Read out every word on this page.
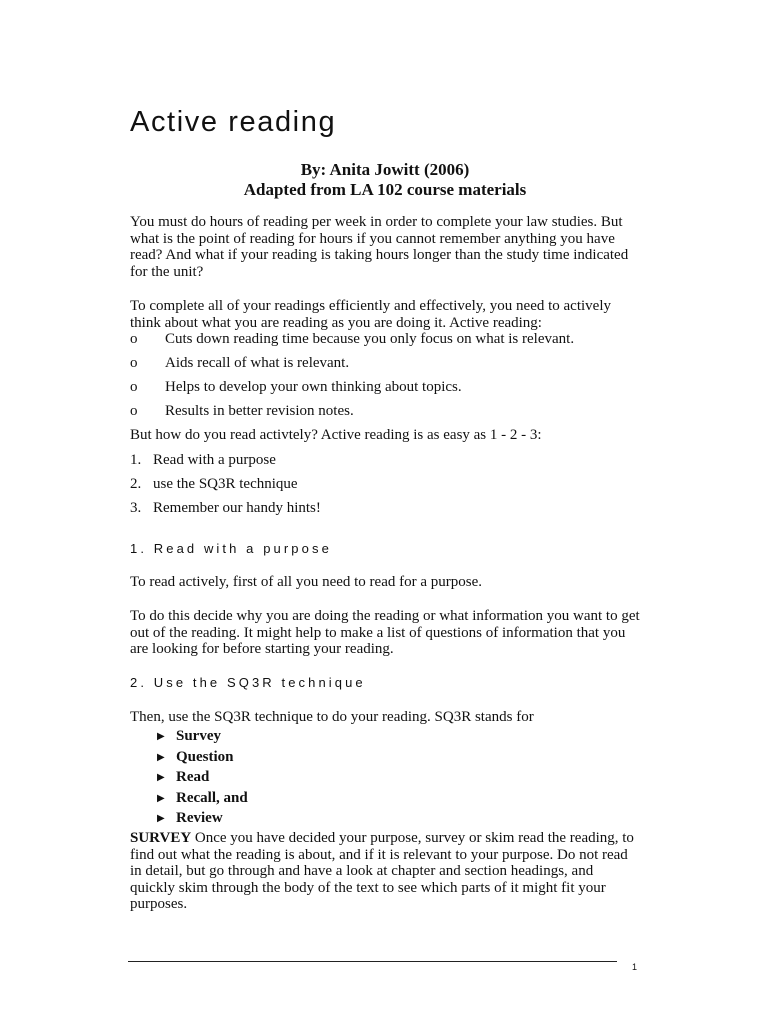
Active reading
By: Anita Jowitt (2006)
Adapted from LA 102 course materials

You must do hours of reading per week in order to complete your law studies. But what is the point of reading for hours if you cannot remember anything you have read? And what if your reading is taking hours longer than the study time indicated for the unit?

To complete all of your readings efficiently and effectively, you need to actively think about what you are reading as you are doing it. Active reading:

o Cuts down reading time because you only focus on what is relevant.
o Aids recall of what is relevant.
o Helps to develop your own thinking about topics.
o Results in better revision notes.
But how do you read activtely? Active reading is as easy as 1 - 2 - 3:
1. Read with a purpose
2. use the SQ3R technique
3. Remember our handy hints!
1. Read with a purpose

To read actively, first of all you need to read for a purpose.

To do this decide why you are doing the reading or what information you want to get out of the reading. It might help to make a list of questions of information that you are looking for before starting your reading.

2. Use the SQ3R technique
Then, use the SQ3R technique to do your reading. SQ3R stands for
▶ Survey
▶ Question
▶ Read
▶ Recall, and
▶ Review

SURVEY Once you have decided your purpose, survey or skim read the reading, to find out what the reading is about, and if it is relevant to your purpose. Do not read in detail, but go through and have a look at chapter and section headings, and quickly skim through the body of the text to see which parts of it might fit your purposes.

1
